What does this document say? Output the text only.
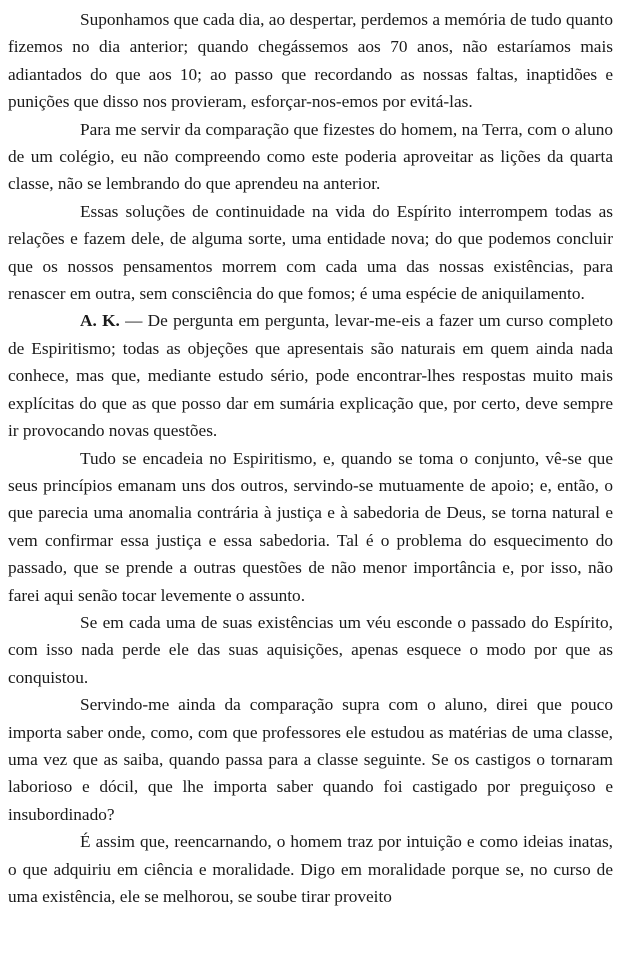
Suponhamos que cada dia, ao despertar, perdemos a memória de tudo quanto fizemos no dia anterior; quando chegássemos aos 70 anos, não estaríamos mais adiantados do que aos 10; ao passo que recordando as nossas faltas, inaptidões e punições que disso nos provieram, esforçar-nos-emos por evitá-las.

Para me servir da comparação que fizestes do homem, na Terra, com o aluno de um colégio, eu não compreendo como este poderia aproveitar as lições da quarta classe, não se lembrando do que aprendeu na anterior.

Essas soluções de continuidade na vida do Espírito interrompem todas as relações e fazem dele, de alguma sorte, uma entidade nova; do que podemos concluir que os nossos pensamentos morrem com cada uma das nossas existências, para renascer em outra, sem consciência do que fomos; é uma espécie de aniquilamento.

A. K. — De pergunta em pergunta, levar-me-eis a fazer um curso completo de Espiritismo; todas as objeções que apresentais são naturais em quem ainda nada conhece, mas que, mediante estudo sério, pode encontrar-lhes respostas muito mais explícitas do que as que posso dar em sumária explicação que, por certo, deve sempre ir provocando novas questões.

Tudo se encadeia no Espiritismo, e, quando se toma o conjunto, vê-se que seus princípios emanam uns dos outros, servindo-se mutuamente de apoio; e, então, o que parecia uma anomalia contrária à justiça e à sabedoria de Deus, se torna natural e vem confirmar essa justiça e essa sabedoria. Tal é o problema do esquecimento do passado, que se prende a outras questões de não menor importância e, por isso, não farei aqui senão tocar levemente o assunto.

Se em cada uma de suas existências um véu esconde o passado do Espírito, com isso nada perde ele das suas aquisições, apenas esquece o modo por que as conquistou.

Servindo-me ainda da comparação supra com o aluno, direi que pouco importa saber onde, como, com que professores ele estudou as matérias de uma classe, uma vez que as saiba, quando passa para a classe seguinte. Se os castigos o tornaram laborioso e dócil, que lhe importa saber quando foi castigado por preguiçoso e insubordinado?

É assim que, reencarnando, o homem traz por intuição e como ideias inatas, o que adquiriu em ciência e moralidade. Digo em moralidade porque se, no curso de uma existência, ele se melhorou, se soube tirar proveito
